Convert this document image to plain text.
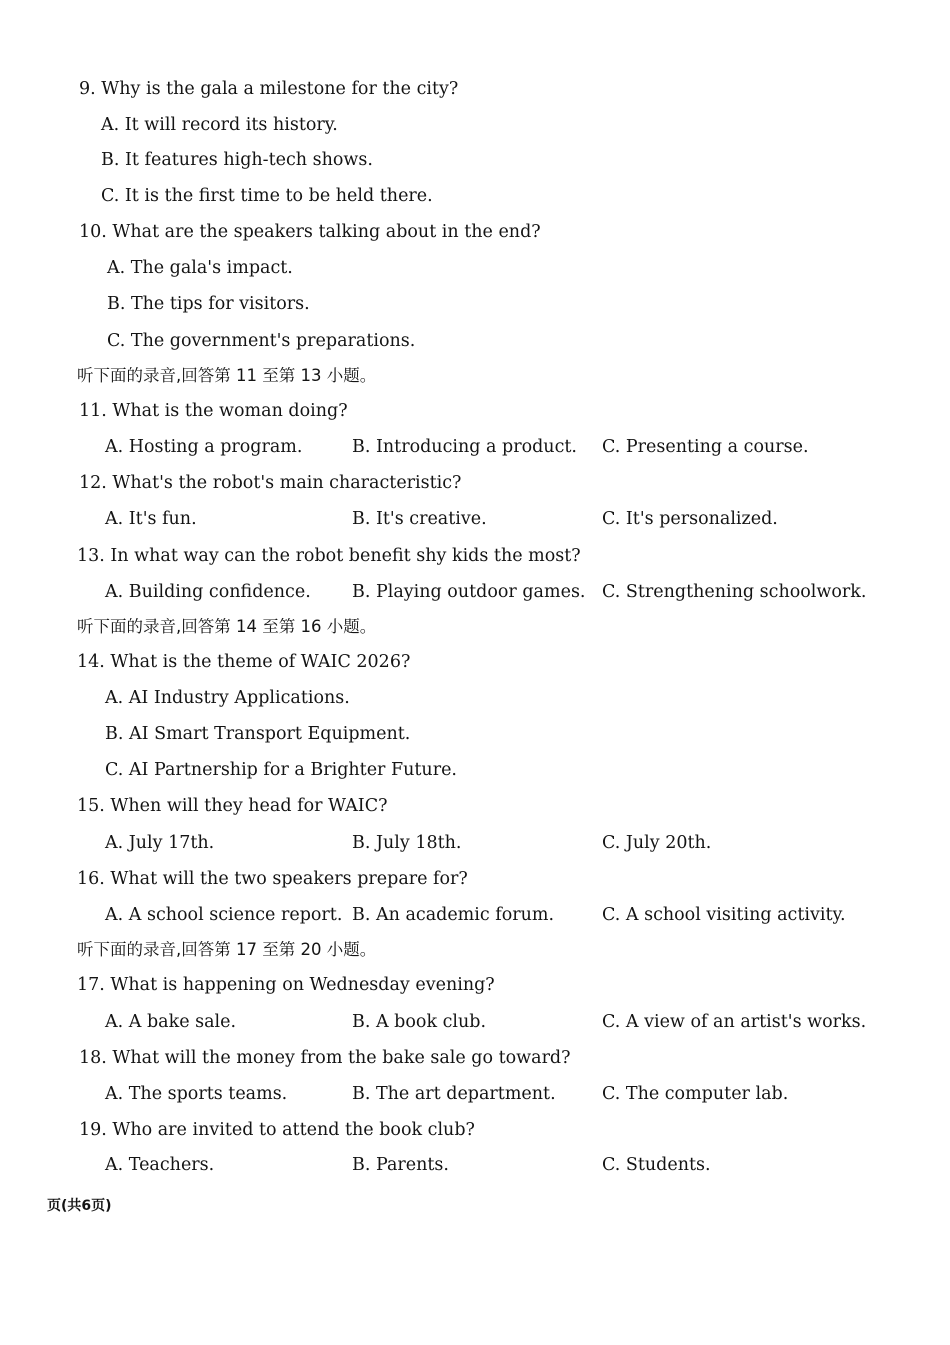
9. Why is the gala a milestone for the city?
A. It will record its history.
B. It features high-tech shows.
C. It is the first time to be held there.
10. What are the speakers talking about in the end?
A. The gala's impact.
B. The tips for visitors.
C. The government's preparations.
听下面的录音,回答第 11 至第 13 小题。
11. What is the woman doing?
A. Hosting a program.	B. Introducing a product. C. Presenting a course.
12. What's the robot's main characteristic?
A. It's fun.	B. It's creative.	C. It's personalized.
13. In what way can the robot benefit shy kids the most?
A. Building confidence. B. Playing outdoor games. C. Strengthening schoolwork.
听下面的录音,回答第 14 至第 16 小题。
14. What is the theme of WAIC 2026?
A. AI Industry Applications.
B. AI Smart Transport Equipment.
C. AI Partnership for a Brighter Future.
15. When will they head for WAIC?
A. July 17th.	B. July 18th.	C. July 20th.
16. What will the two speakers prepare for?
A. A school science report. B. An academic forum.	C. A school visiting activity.
听下面的录音,回答第 17 至第 20 小题。
17. What is happening on Wednesday evening?
A. A bake sale.	B. A book club.	C. A view of an artist's works.
18. What will the money from the bake sale go toward?
A. The sports teams.	B. The art department.	C. The computer lab.
19. Who are invited to attend the book club?
A. Teachers.	B. Parents.	C. Students.
页(共6页)
